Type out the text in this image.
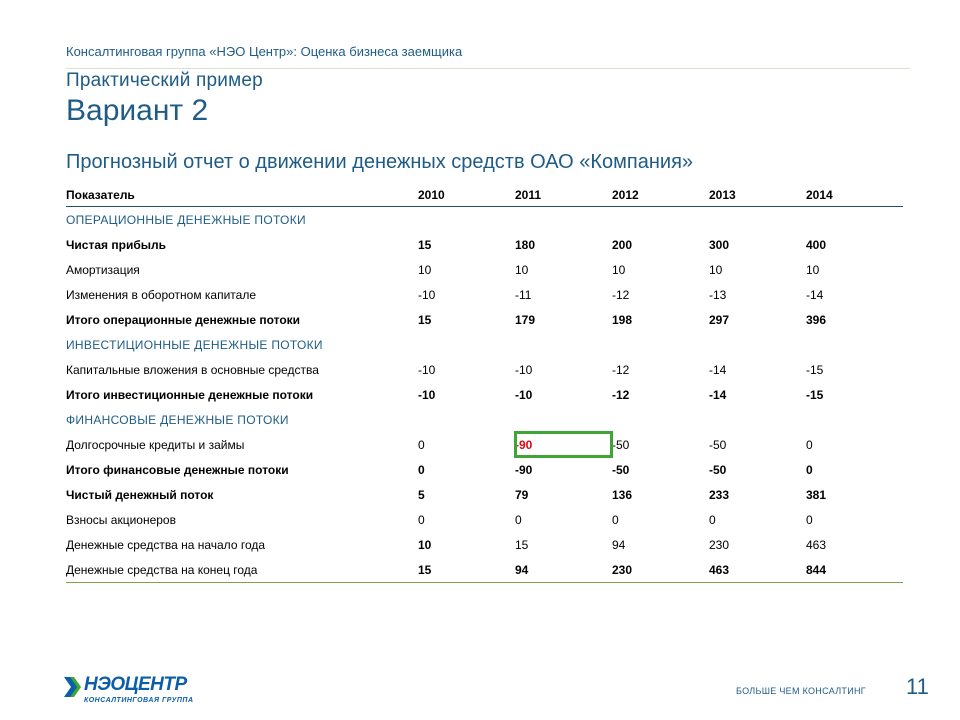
Консалтинговая группа «НЭО Центр»: Оценка бизнеса заемщика
Практический пример
Вариант 2
Прогнозный отчет о движении денежных средств ОАО «Компания»
Показатель	2010	2011	2012	2013	2014
ОПЕРАЦИОННЫЕ ДЕНЕЖНЫЕ ПОТОКИ					
Чистая прибыль	15	180	200	300	400
Амортизация	10	10	10	10	10
Изменения в оборотном капитале	-10	-11	-12	-13	-14
Итого операционные денежные потоки	15	179	198	297	396
ИНВЕСТИЦИОННЫЕ ДЕНЕЖНЫЕ ПОТОКИ					
Капитальные вложения в основные средства	-10	-10	-12	-14	-15
Итого инвестиционные денежные потоки	-10	-10	-12	-14	-15
ФИНАНСОВЫЕ ДЕНЕЖНЫЕ ПОТОКИ					
Долгосрочные кредиты и займы	0	-90	-50	-50	0
Итого финансовые денежные потоки	0	-90	-50	-50	0
Чистый денежный поток	5	79	136	233	381
Взносы акционеров	0	0	0	0	0
Денежные средства на начало года	10	15	94	230	463
Денежные средства на конец года	15	94	230	463	844
НЭОЦЕНТР
КОНСАЛТИНГОВАЯ ГРУППА
БОЛЬШЕ ЧЕМ КОНСАЛТИНГ 11
